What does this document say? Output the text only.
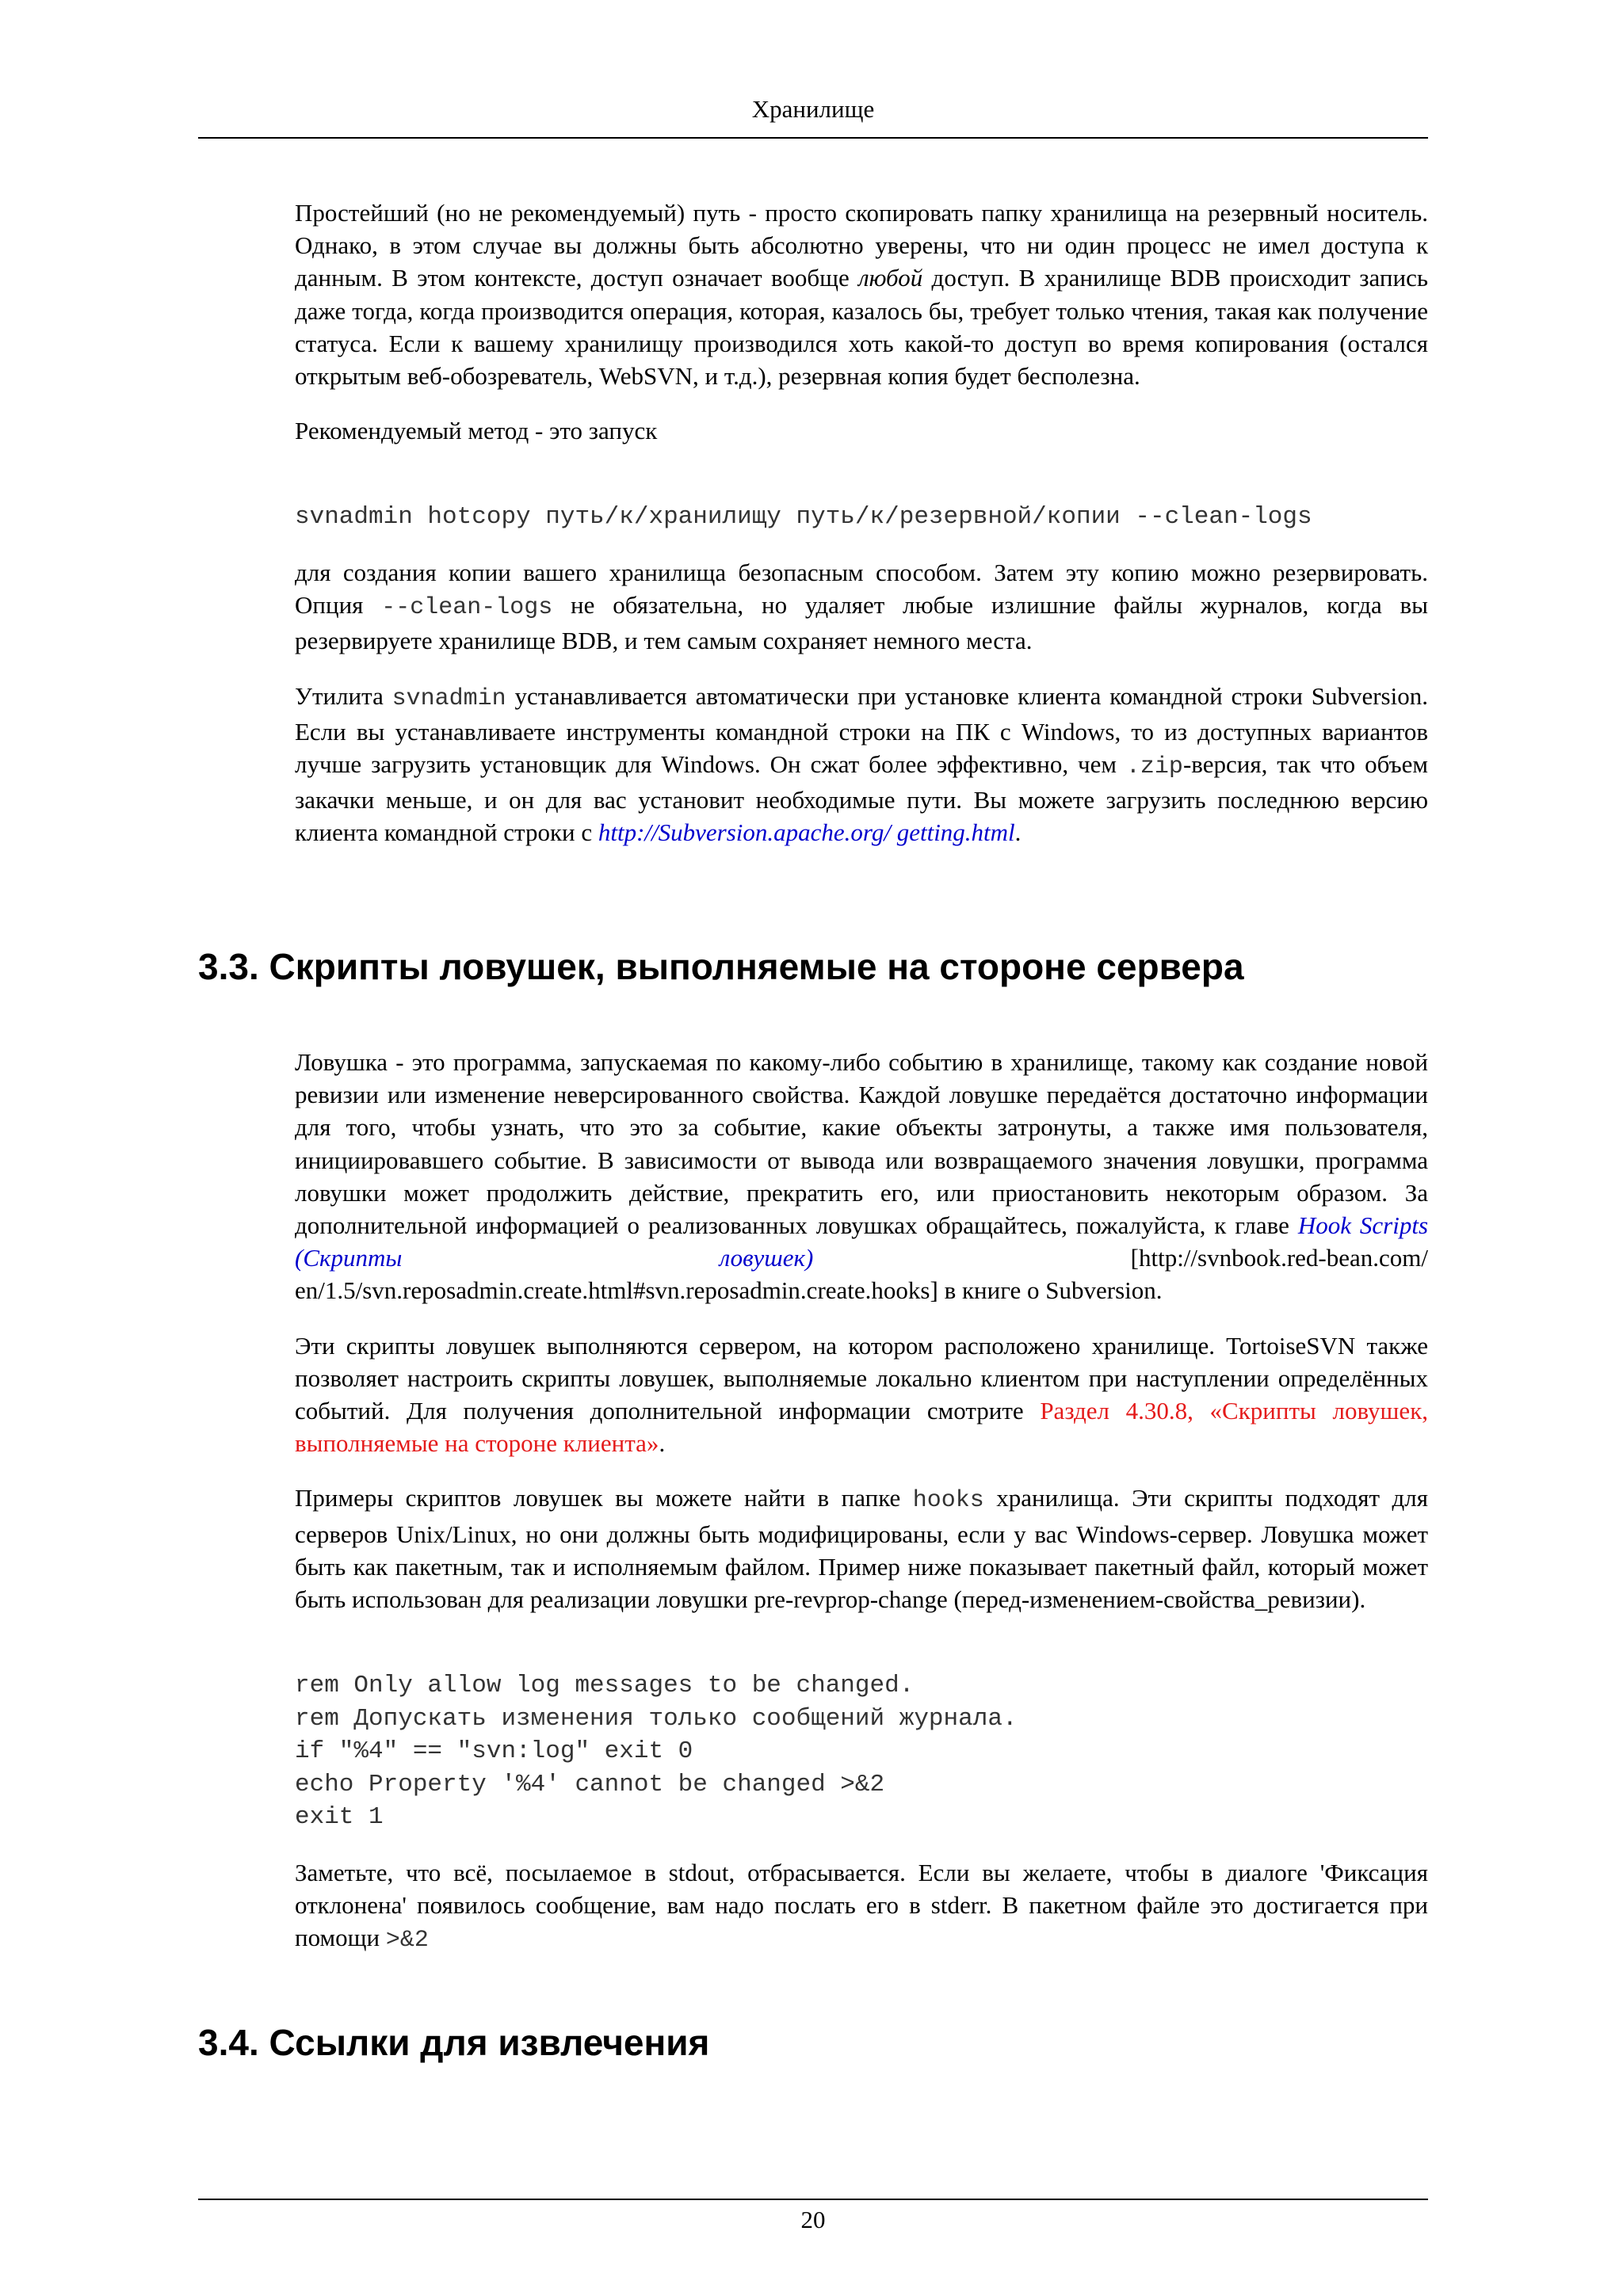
Хранилище

Простейший (но не рекомендуемый) путь - просто скопировать папку хранилища на резервный носитель. Однако, в этом случае вы должны быть абсолютно уверены, что ни один процесс не имел доступа к данным. В этом контексте, доступ означает вообще любой доступ. В хранилище BDB происходит запись даже тогда, когда производится операция, которая, казалось бы, требует только чтения, такая как получение статуса. Если к вашему хранилищу производился хоть какой-то доступ во время копирования (остался открытым веб-обозреватель, WebSVN, и т.д.), резервная копия будет бесполезна.

Рекомендуемый метод - это запуск

svnadmin hotcopy путь/к/хранилищу путь/к/резервной/копии --clean-logs

для создания копии вашего хранилища безопасным способом. Затем эту копию можно резервировать. Опция --clean-logs не обязательна, но удаляет любые излишние файлы журналов, когда вы резервируете хранилище BDB, и тем самым сохраняет немного места.

Утилита svnadmin устанавливается автоматически при установке клиента командной строки Subversion. Если вы устанавливаете инструменты командной строки на ПК с Windows, то из доступных вариантов лучше загрузить установщик для Windows. Он сжат более эффективно, чем .zip-версия, так что объем закачки меньше, и он для вас установит необходимые пути. Вы можете загрузить последнюю версию клиента командной строки с http://Subversion.apache.org/ getting.html.

3.3. Скрипты ловушек, выполняемые на стороне сервера

Ловушка - это программа, запускаемая по какому-либо событию в хранилище, такому как создание новой ревизии или изменение неверсированного свойства. Каждой ловушке передаётся достаточно информации для того, чтобы узнать, что это за событие, какие объекты затронуты, а также имя пользователя, инициировавшего событие. В зависимости от вывода или возвращаемого значения ловушки, программа ловушки может продолжить действие, прекратить его, или приостановить некоторым образом. За дополнительной информацией о реализованных ловушках обращайтесь, пожалуйста, к главе Hook Scripts (Скрипты ловушек)	[http://svnbook.red-bean.com/ en/1.5/svn.reposadmin.create.html#svn.reposadmin.create.hooks] в книге о Subversion.

Эти скрипты ловушек выполняются сервером, на котором расположено хранилище. TortoiseSVN также позволяет настроить скрипты ловушек, выполняемые локально клиентом при наступлении определённых событий. Для получения дополнительной информации смотрите Раздел 4.30.8, «Скрипты ловушек, выполняемые на стороне клиента».

Примеры скриптов ловушек вы можете найти в папке hooks хранилища. Эти скрипты подходят для серверов Unix/Linux, но они должны быть модифицированы, если у вас Windows-сервер. Ловушка может быть как пакетным, так и исполняемым файлом. Пример ниже показывает пакетный файл, который может быть использован для реализации ловушки pre-revprop-change (перед-изменением-свойства_ревизии).

rem Only allow log messages to be changed.
rem Допускать изменения только сообщений журнала.
if "%4" == "svn:log" exit 0
echo Property '%4' cannot be changed >&2
exit 1

Заметьте, что всё, посылаемое в stdout, отбрасывается. Если вы желаете, чтобы в диалоге 'Фиксация отклонена' появилось сообщение, вам надо послать его в stderr. В пакетном файле это достигается при помощи >&2

3.4. Ссылки для извлечения
20
